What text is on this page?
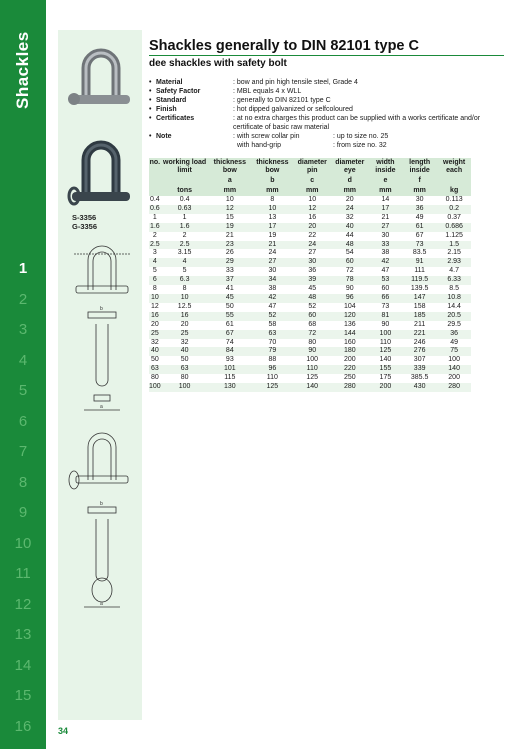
Shackles
1
2
3
4
5
6
7
8
9
10
11
12
13
14
15
16
S-3356
G-3356
b
a
b
a
Shackles generally to DIN 82101 type C
dee shackles with safety bolt
• Material	: bow and pin high tensile steel, Grade 4
• Safety Factor	: MBL equals 4 x WLL
• Standard	: generally to DIN 82101 type C
• Finish	: hot dipped galvanized or selfcoloured
• Certificates	: at no extra charges this product can be supplied with a works certificate and/or certificate of basic raw material
• Note	: with screw collar pin	: up to size no. 25
with hand-grip	: from size no. 32
no.	working load limit	thickness bow	thickness bow	diameter pin	diameter eye	width inside	length inside	weight each
		a	b	c	d	e	f	
	tons	mm	mm	mm	mm	mm	mm	kg
0.4	0.4	10	8	10	20	14	30	0.113
0.6	0.63	12	10	12	24	17	36	0.2
1	1	15	13	16	32	21	49	0.37
1.6	1.6	19	17	20	40	27	61	0.686
2	2	21	19	22	44	30	67	1.125
2.5	2.5	23	21	24	48	33	73	1.5
3	3.15	26	24	27	54	38	83.5	2.15
4	4	29	27	30	60	42	91	2.93
5	5	33	30	36	72	47	111	4.7
6	6.3	37	34	39	78	53	119.5	6.33
8	8	41	38	45	90	60	139.5	8.5
10	10	45	42	48	96	66	147	10.8
12	12.5	50	47	52	104	73	158	14.4
16	16	55	52	60	120	81	185	20.5
20	20	61	58	68	136	90	211	29.5
25	25	67	63	72	144	100	221	36
32	32	74	70	80	160	110	246	49
40	40	84	79	90	180	125	276	75
50	50	93	88	100	200	140	307	100
63	63	101	96	110	220	155	339	140
80	80	115	110	125	250	175	385.5	200
100	100	130	125	140	280	200	430	280
34
